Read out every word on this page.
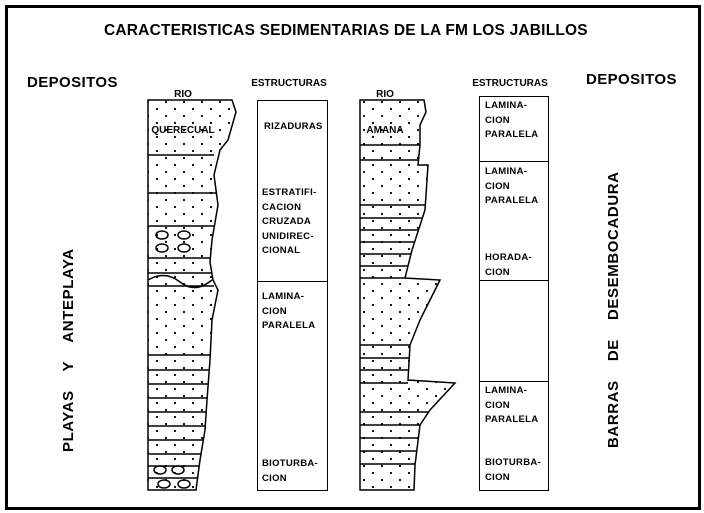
CARACTERISTICAS SEDIMENTARIAS DE LA FM LOS JABILLOS
DEPOSITOS	DEPOSITOS

RIO

ESTRUCTURAS

RIO

ESTRUCTURAS
PLAYAS    Y    ANTEPLAYA
BARRAS    DE    DESEMBOCADURA
RIZADURAS
ESTRATIFI-
CACION
CRUZADA
UNIDIREC-
CIONAL
LAMINA-
CION
PARALELA
BIOTURBA-
CION
LAMINA-
CION
PARALELA
LAMINA-
CION
PARALELA
HORADA-
CION
LAMINA-
CION
PARALELA
BIOTURBA-
CION
